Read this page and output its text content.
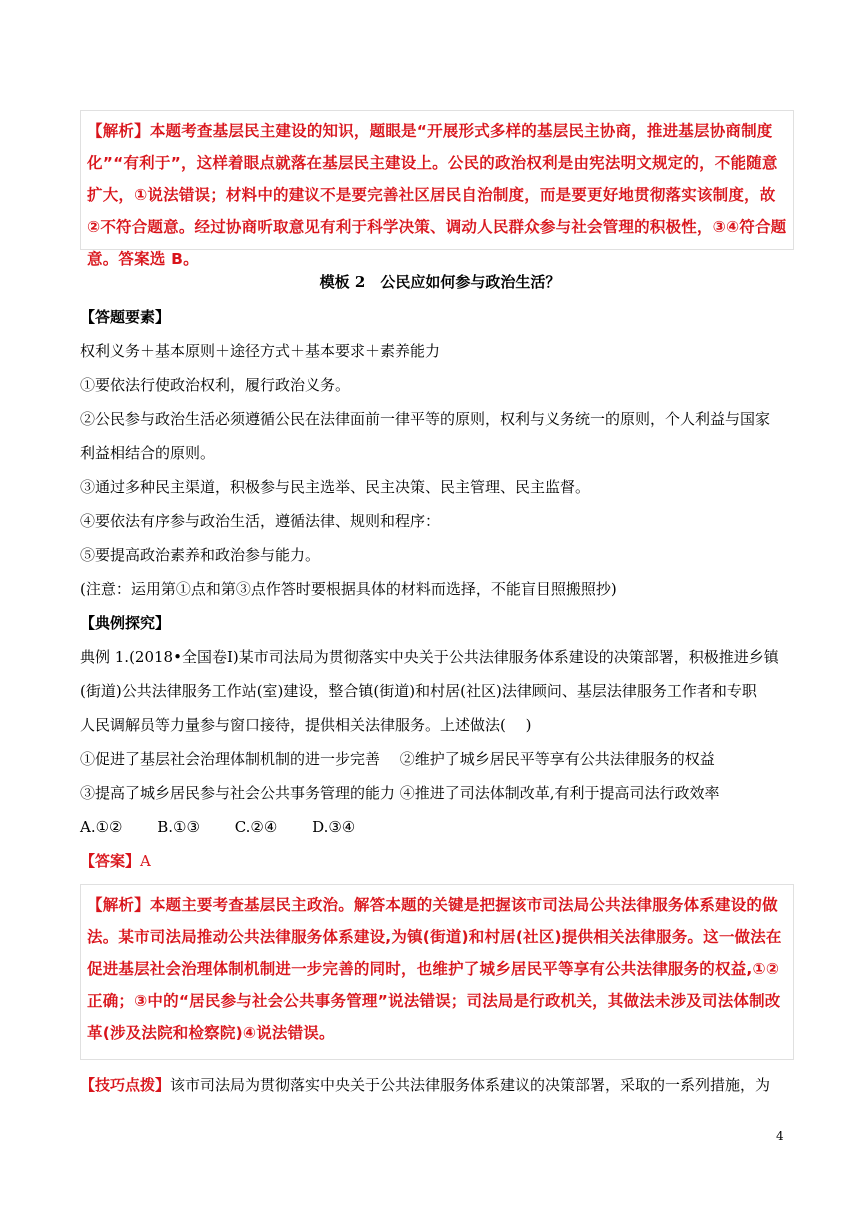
【解析】本题考查基层民主建设的知识，题眼是“开展形式多样的基层民主协商，推进基层协商制度化”“有利于”，这样着眼点就落在基层民主建设上。公民的政治权利是由宪法明文规定的，不能随意扩大，①说法错误；材料中的建议不是要完善社区居民自治制度，而是要更好地贯彻落实该制度，故②不符合题意。经过协商听取意见有利于科学决策、调动人民群众参与社会管理的积极性，③④符合题意。答案选 B。

模板 2　公民应如何参与政治生活？
【答题要素】
权利义务＋基本原则＋途径方式＋基本要求＋素养能力
①要依法行使政治权利，履行政治义务。
②公民参与政治生活必须遵循公民在法律面前一律平等的原则，权利与义务统一的原则，个人利益与国家
利益相结合的原则。
③通过多种民主渠道，积极参与民主选举、民主决策、民主管理、民主监督。
④要依法有序参与政治生活，遵循法律、规则和程序：
⑤要提高政治素养和政治参与能力。
(注意：运用第①点和第③点作答时要根据具体的材料而选择，不能盲目照搬照抄)
【典例探究】
典例 1.(2018•全国卷Ⅰ)某市司法局为贯彻落实中央关于公共法律服务体系建设的决策部署，积极推进乡镇
(街道)公共法律服务工作站(室)建设，整合镇(街道)和村居(社区)法律顾问、基层法律服务工作者和专职
人民调解员等力量参与窗口接待，提供相关法律服务。上述做法(　 )
①促进了基层社会治理体制机制的进一步完善　 ②维护了城乡居民平等享有公共法律服务的权益
③提高了城乡居民参与社会公共事务管理的能力 ④推进了司法体制改革,有利于提高司法行政效率
A.①②　　 B.①③　　 C.②④　　 D.③④
【答案】A

【解析】本题主要考查基层民主政治。解答本题的关键是把握该市司法局公共法律服务体系建设的做法。某市司法局推动公共法律服务体系建设,为镇(街道)和村居(社区)提供相关法律服务。这一做法在促进基层社会治理体制机制进一步完善的同时，也维护了城乡居民平等享有公共法律服务的权益,①②正确；③中的“居民参与社会公共事务管理”说法错误；司法局是行政机关，其做法未涉及司法体制改革(涉及法院和检察院)④说法错误。

【技巧点拨】该市司法局为贯彻落实中央关于公共法律服务体系建议的决策部署，采取的一系列措施，为
4
